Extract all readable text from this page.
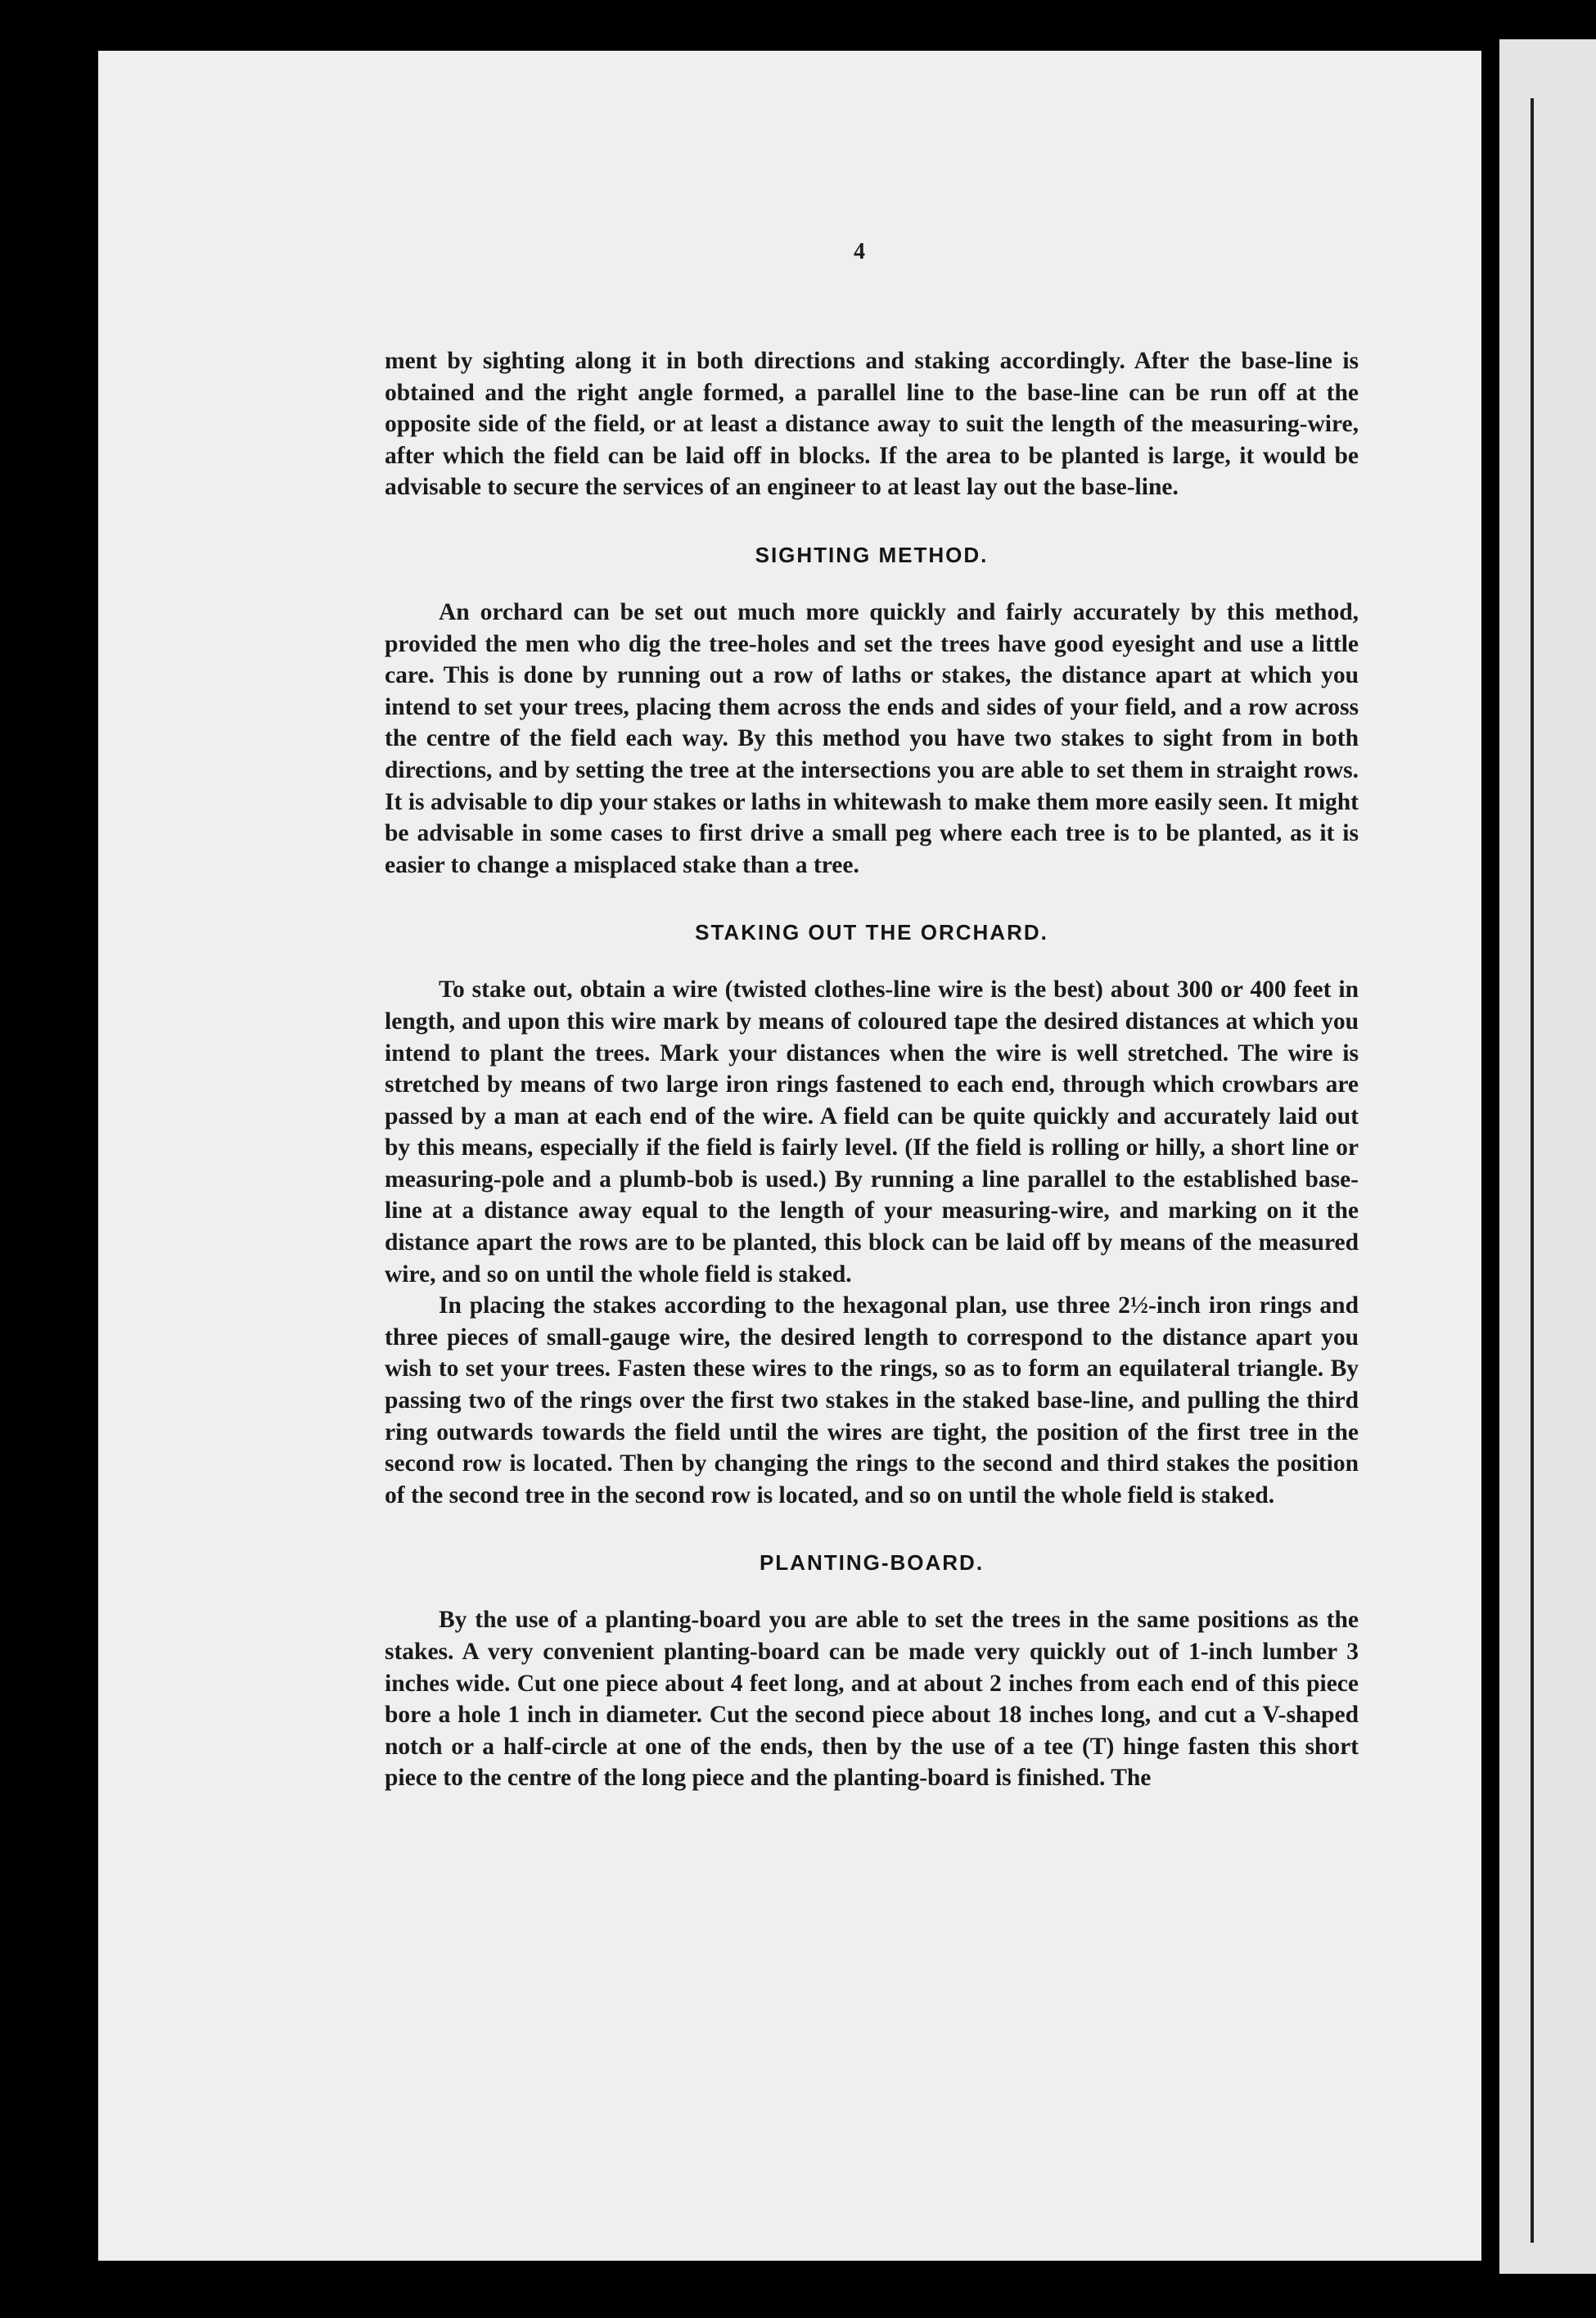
4

ment by sighting along it in both directions and staking accordingly. After the base-line is obtained and the right angle formed, a parallel line to the base-line can be run off at the opposite side of the field, or at least a distance away to suit the length of the measuring-wire, after which the field can be laid off in blocks. If the area to be planted is large, it would be advisable to secure the services of an engineer to at least lay out the base-line.

SIGHTING METHOD.

An orchard can be set out much more quickly and fairly accurately by this method, provided the men who dig the tree-holes and set the trees have good eyesight and use a little care. This is done by running out a row of laths or stakes, the distance apart at which you intend to set your trees, placing them across the ends and sides of your field, and a row across the centre of the field each way. By this method you have two stakes to sight from in both directions, and by setting the tree at the intersections you are able to set them in straight rows. It is advisable to dip your stakes or laths in whitewash to make them more easily seen. It might be advisable in some cases to first drive a small peg where each tree is to be planted, as it is easier to change a misplaced stake than a tree.

STAKING OUT THE ORCHARD.

To stake out, obtain a wire (twisted clothes-line wire is the best) about 300 or 400 feet in length, and upon this wire mark by means of coloured tape the desired distances at which you intend to plant the trees. Mark your distances when the wire is well stretched. The wire is stretched by means of two large iron rings fastened to each end, through which crowbars are passed by a man at each end of the wire. A field can be quite quickly and accurately laid out by this means, especially if the field is fairly level. (If the field is rolling or hilly, a short line or measuring-pole and a plumb-bob is used.) By running a line parallel to the established base-line at a distance away equal to the length of your measuring-wire, and marking on it the distance apart the rows are to be planted, this block can be laid off by means of the measured wire, and so on until the whole field is staked.

In placing the stakes according to the hexagonal plan, use three 2½-inch iron rings and three pieces of small-gauge wire, the desired length to correspond to the distance apart you wish to set your trees. Fasten these wires to the rings, so as to form an equilateral triangle. By passing two of the rings over the first two stakes in the staked base-line, and pulling the third ring outwards towards the field until the wires are tight, the position of the first tree in the second row is located. Then by changing the rings to the second and third stakes the position of the second tree in the second row is located, and so on until the whole field is staked.

PLANTING-BOARD.

By the use of a planting-board you are able to set the trees in the same positions as the stakes. A very convenient planting-board can be made very quickly out of 1-inch lumber 3 inches wide. Cut one piece about 4 feet long, and at about 2 inches from each end of this piece bore a hole 1 inch in diameter. Cut the second piece about 18 inches long, and cut a V-shaped notch or a half-circle at one of the ends, then by the use of a tee (T) hinge fasten this short piece to the centre of the long piece and the planting-board is finished. The
